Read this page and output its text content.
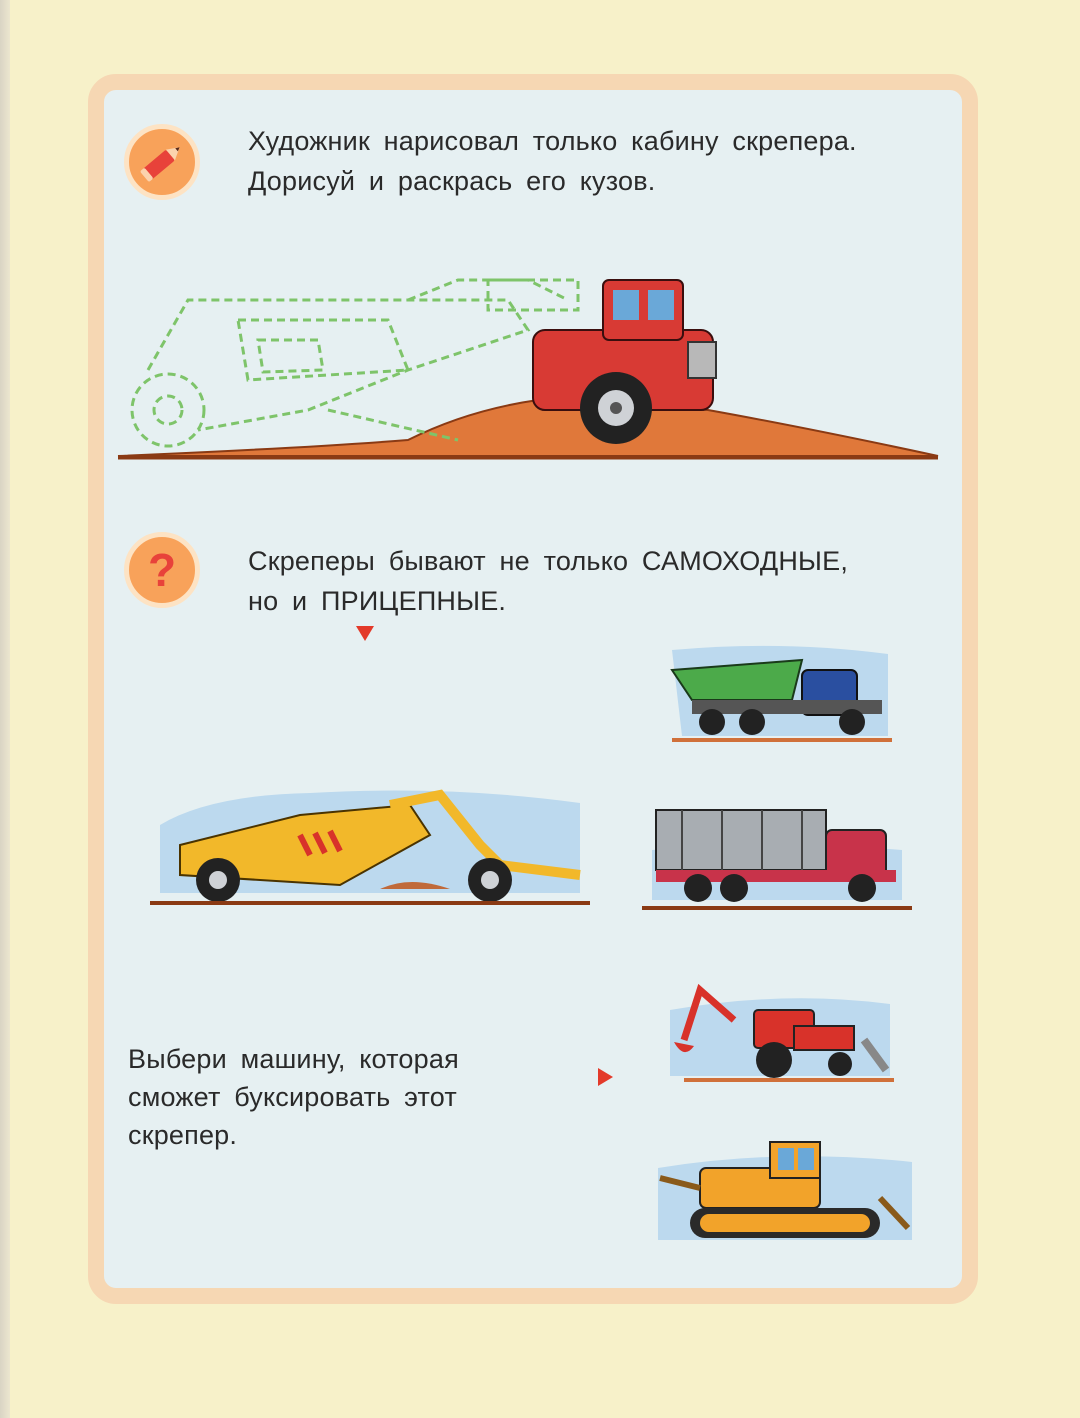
Художник нарисовал только кабину скрепера.
Дорисуй и раскрась его кузов.
?	Скреперы бывают не только САМОХОДНЫЕ,
но и ПРИЦЕПНЫЕ.
Выбери машину, которая
сможет буксировать этот
скрепер.
